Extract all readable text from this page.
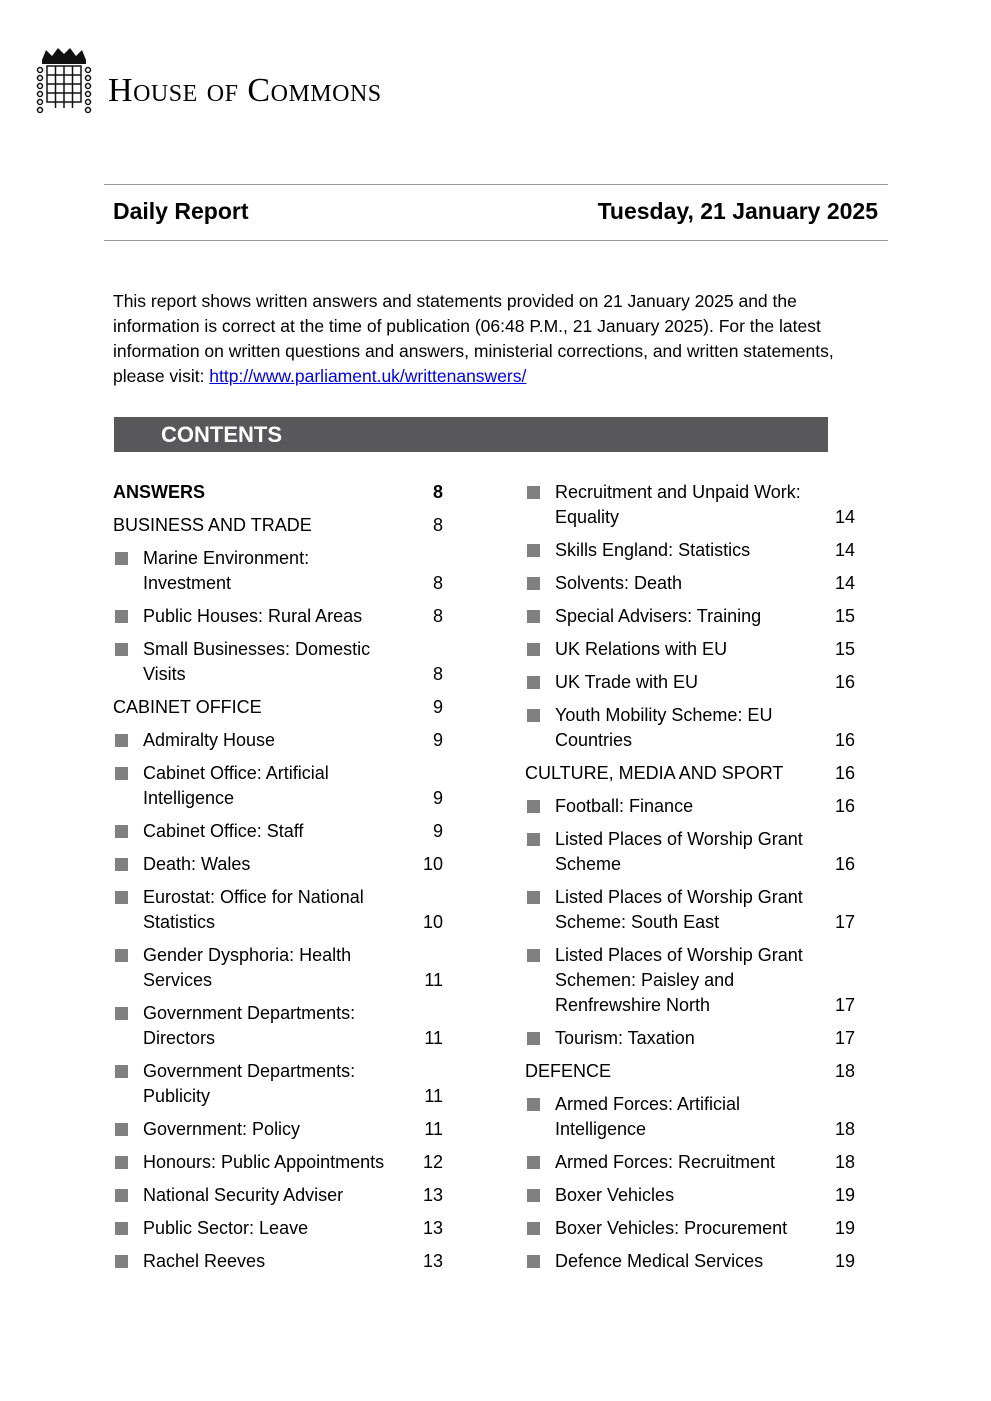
HOUSE OF COMMONS
Daily Report	Tuesday, 21 January 2025
This report shows written answers and statements provided on 21 January 2025 and the information is correct at the time of publication (06:48 P.M., 21 January 2025). For the latest information on written questions and answers, ministerial corrections, and written statements, please visit: http://www.parliament.uk/writtenanswers/
CONTENTS
ANSWERS	8
BUSINESS AND TRADE	8
Marine Environment: Investment	8
Public Houses: Rural Areas	8
Small Businesses: Domestic Visits	8
CABINET OFFICE	9
Admiralty House	9
Cabinet Office: Artificial Intelligence	9
Cabinet Office: Staff	9
Death: Wales	10
Eurostat: Office for National Statistics	10
Gender Dysphoria: Health Services	11
Government Departments: Directors	11
Government Departments: Publicity	11
Government: Policy	11
Honours: Public Appointments	12
National Security Adviser	13
Public Sector: Leave	13
Rachel Reeves	13
Recruitment and Unpaid Work: Equality	14
Skills England: Statistics	14
Solvents: Death	14
Special Advisers: Training	15
UK Relations with EU	15
UK Trade with EU	16
Youth Mobility Scheme: EU Countries	16
CULTURE, MEDIA AND SPORT	16
Football: Finance	16
Listed Places of Worship Grant Scheme	16
Listed Places of Worship Grant Scheme: South East	17
Listed Places of Worship Grant Schemen: Paisley and Renfrewshire North	17
Tourism: Taxation	17
DEFENCE	18
Armed Forces: Artificial Intelligence	18
Armed Forces: Recruitment	18
Boxer Vehicles	19
Boxer Vehicles: Procurement	19
Defence Medical Services	19
